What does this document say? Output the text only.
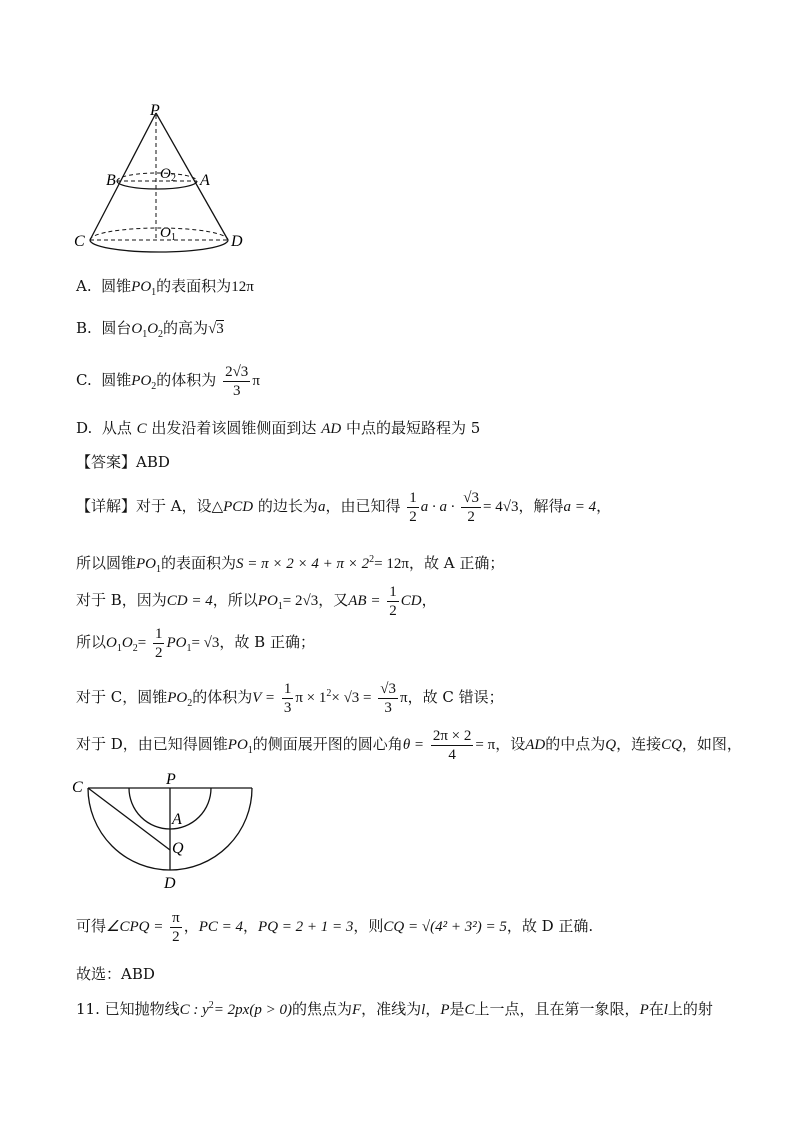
P
B	A
O 2
C	D
O 1
A. 圆锥$PO_1$的表面积为12π
B. 圆台$O_1O_2$的高为√3
C. 圆锥$PO_2$的体积为 $\frac{2√3}{3}$ π
D. 从点 C 出发沿着该圆锥侧面到达 AD 中点的最短路程为 5
【答案】ABD
【详解】对于 A，设△PCD 的边长为a，由已知得 $\frac{1}{2}$ $a \cdot a \cdot \frac{√3}{2} = 4√3$，解得a = 4，
所以圆锥$PO_1$的表面积为$S = \pi \times 2 \times 4 + \pi \times 2^2= 12\pi$，故 A 正确；
对于 B，因为CD = 4，所以$PO_1= 2√3$，又AB = $\frac{1}{2}$ CD，
所以$O_1O_2= \frac{1}{2} PO_1= √3$，故 B 正确；
对于 C，圆锥$PO_2$的体积为$V = \frac{1}{3}$ $\pi \times 1^2\times √3 = \frac{√3}{3}$ π，故 C 错误；
对于 D，由已知得圆锥$PO_1$的侧面展开图的圆心角$\theta = \frac{2\pi \times 2}{4} = \pi$，设AD的中点为Q，连接CQ，如图，
C	P
A
Q
D
可得∠CPQ = $\frac{\pi}{2}$ ，PC = 4，PQ = 2 + 1 = 3，则CQ = √(4² + 3²) = 5，故 D 正确.
故选：ABD
11. 已知抛物线C : $y^2= 2px(p > 0)$的焦点为F，准线为l，P是C上一点，且在第一象限，P在l上的射
